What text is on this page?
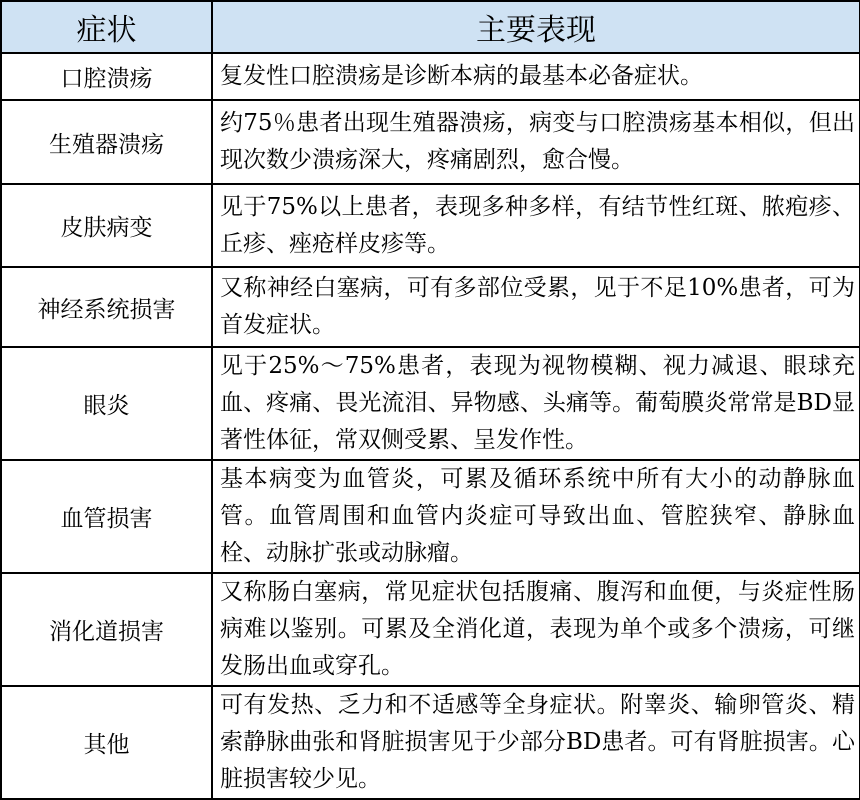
症状	主要表现
口腔溃疡	复发性口腔溃疡是诊断本病的最基本必备症状。
生殖器溃疡	约75％患者出现生殖器溃疡，病变与口腔溃疡基本相似，但出现次数少溃疡深大，疼痛剧烈，愈合慢。
皮肤病变	见于75%以上患者，表现多种多样，有结节性红斑、脓疱疹、丘疹、痤疮样皮疹等。
神经系统损害	又称神经白塞病，可有多部位受累，见于不足10%患者，可为首发症状。
眼炎	见于25%～75%患者，表现为视物模糊、视力减退、眼球充血、疼痛、畏光流泪、异物感、头痛等。葡萄膜炎常常是BD显著性体征，常双侧受累、呈发作性。
血管损害	基本病变为血管炎，可累及循环系统中所有大小的动静脉血管。血管周围和血管内炎症可导致出血、管腔狭窄、静脉血栓、动脉扩张或动脉瘤。
消化道损害	又称肠白塞病，常见症状包括腹痛、腹泻和血便，与炎症性肠病难以鉴别。可累及全消化道，表现为单个或多个溃疡，可继发肠出血或穿孔。
其他	可有发热、乏力和不适感等全身症状。附睾炎、输卵管炎、精索静脉曲张和肾脏损害见于少部分BD患者。可有肾脏损害。心脏损害较少见。
